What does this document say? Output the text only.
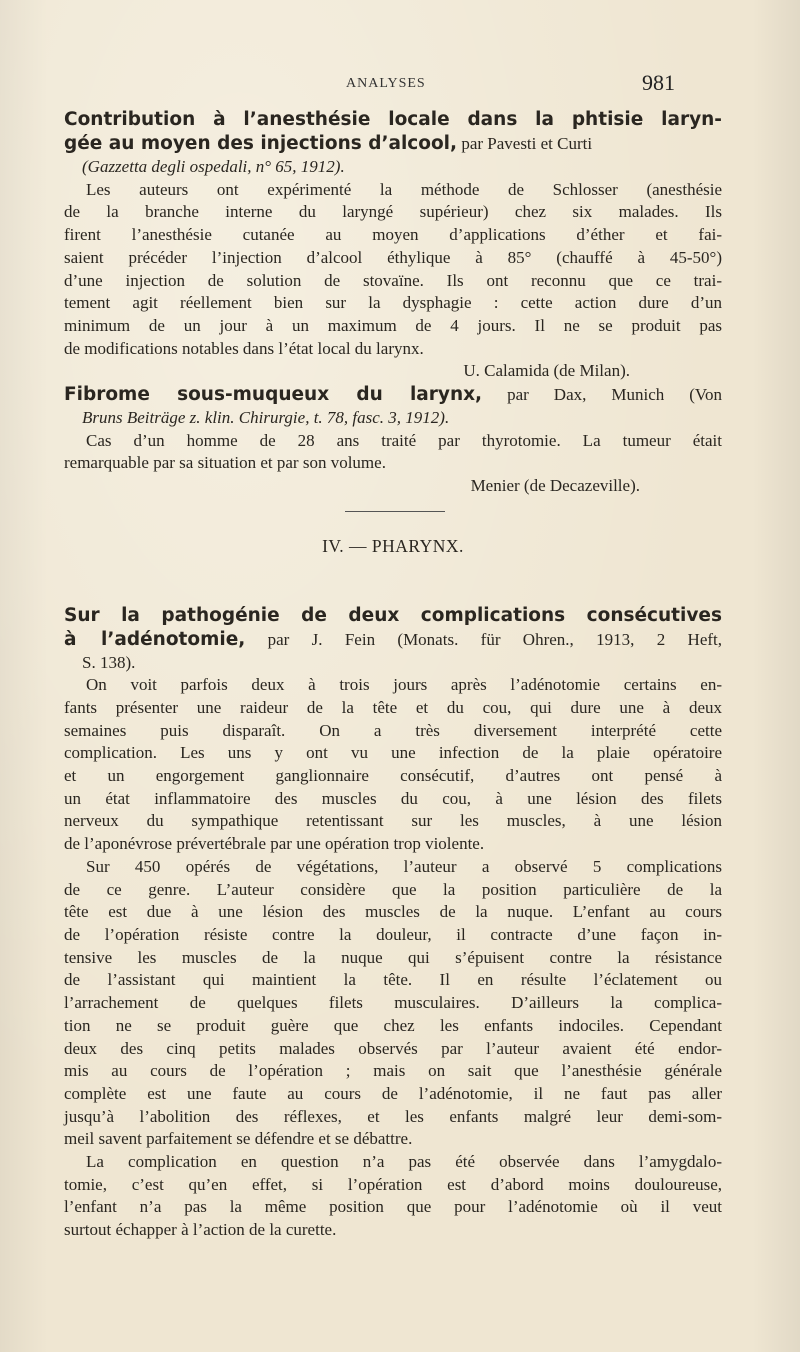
ANALYSES	981
Contribution à l’anesthésie locale dans la phtisie laryn-
gée au moyen des injections d’alcool, par Pavesti et Curti
(Gazzetta degli ospedali, n° 65, 1912).
Les auteurs ont expérimenté la méthode de Schlosser (anesthésie
de la branche interne du laryngé supérieur) chez six malades. Ils
firent l’anesthésie cutanée au moyen d’applications d’éther et fai-
saient précéder l’injection d’alcool éthylique à 85° (chauffé à 45-50°)
d’une injection de solution de stovaïne. Ils ont reconnu que ce trai-
tement agit réellement bien sur la dysphagie : cette action dure d’un
minimum de un jour à un maximum de 4 jours. Il ne se produit pas
de modifications notables dans l’état local du larynx.
U. Calamida (de Milan).
Fibrome sous-muqueux du larynx, par Dax, Munich (Von
Bruns Beiträge z. klin. Chirurgie, t. 78, fasc. 3, 1912).
Cas d’un homme de 28 ans traité par thyrotomie. La tumeur était
remarquable par sa situation et par son volume.
Menier (de Decazeville).
IV. — PHARYNX.
Sur la pathogénie de deux complications consécutives
à l’adénotomie, par J. Fein (Monats. für Ohren., 1913, 2 Heft,
S. 138).
On voit parfois deux à trois jours après l’adénotomie certains en-
fants présenter une raideur de la tête et du cou, qui dure une à deux
semaines puis disparaît. On a très diversement interprété cette
complication. Les uns y ont vu une infection de la plaie opératoire
et un engorgement ganglionnaire consécutif, d’autres ont pensé à
un état inflammatoire des muscles du cou, à une lésion des filets
nerveux du sympathique retentissant sur les muscles, à une lésion
de l’aponévrose prévertébrale par une opération trop violente.
Sur 450 opérés de végétations, l’auteur a observé 5 complications
de ce genre. L’auteur considère que la position particulière de la
tête est due à une lésion des muscles de la nuque. L’enfant au cours
de l’opération résiste contre la douleur, il contracte d’une façon in-
tensive les muscles de la nuque qui s’épuisent contre la résistance
de l’assistant qui maintient la tête. Il en résulte l’éclatement ou
l’arrachement de quelques filets musculaires. D’ailleurs la complica-
tion ne se produit guère que chez les enfants indociles. Cependant
deux des cinq petits malades observés par l’auteur avaient été endor-
mis au cours de l’opération ; mais on sait que l’anesthésie générale
complète est une faute au cours de l’adénotomie, il ne faut pas aller
jusqu’à l’abolition des réflexes, et les enfants malgré leur demi-som-
meil savent parfaitement se défendre et se débattre.
La complication en question n’a pas été observée dans l’amygdalo-
tomie, c’est qu’en effet, si l’opération est d’abord moins douloureuse,
l’enfant n’a pas la même position que pour l’adénotomie où il veut
surtout échapper à l’action de la curette.
